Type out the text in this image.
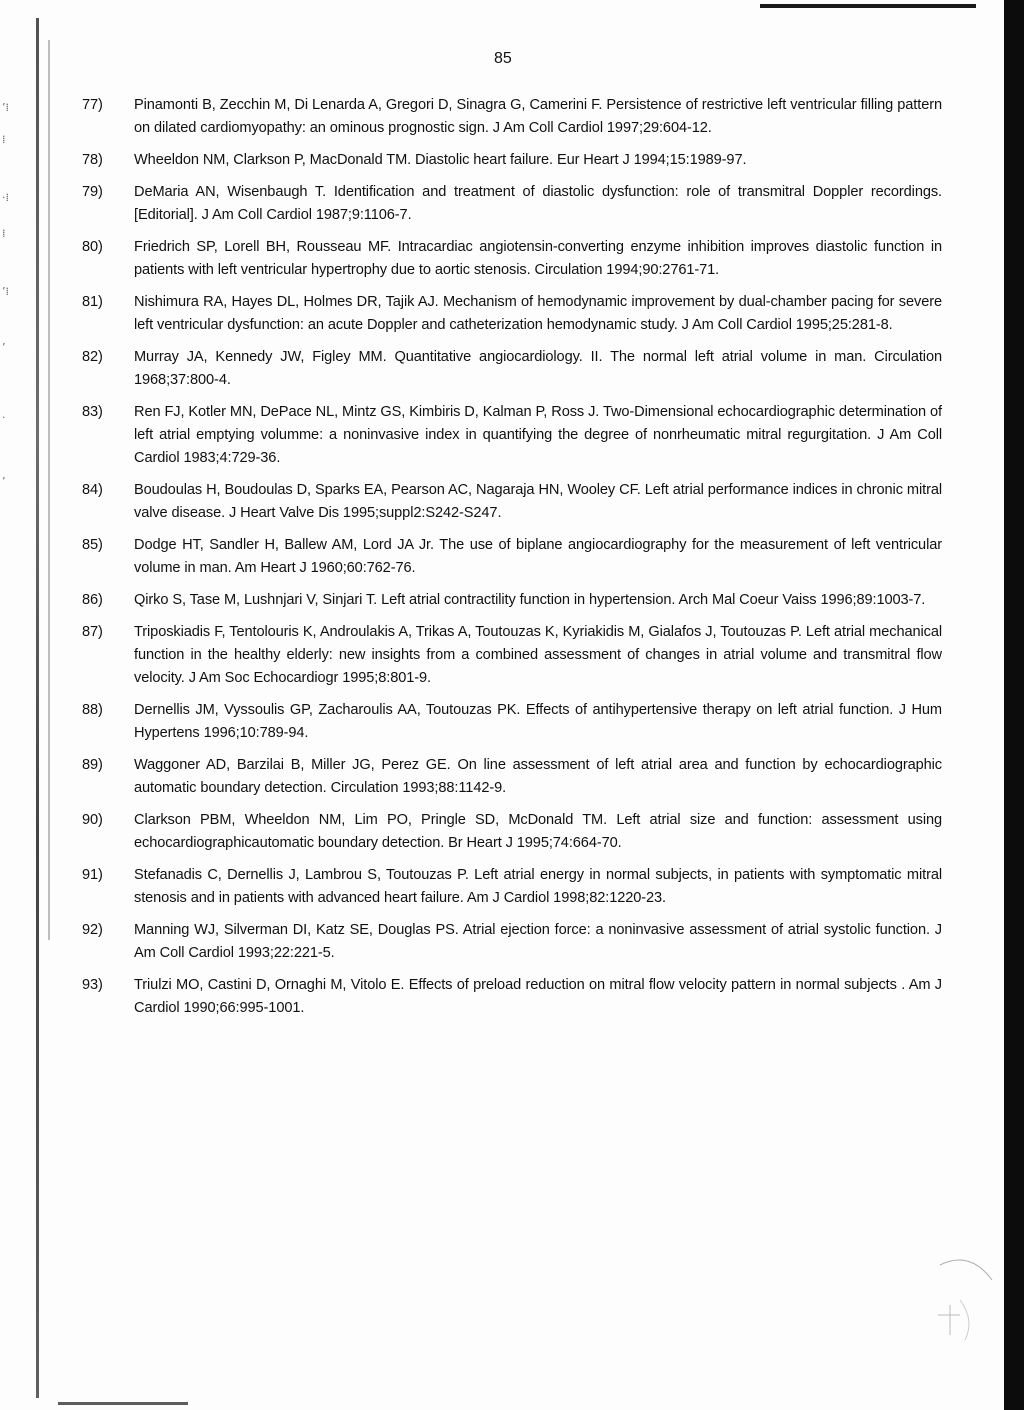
ʼ⁞
⁞
·⁞
⁞
ʼ⁞
ʼ
·
ʼ
85
77)	Pinamonti B, Zecchin M, Di Lenarda A, Gregori D, Sinagra G, Camerini F. Persistence of restrictive left ventricular filling pattern on dilated cardiomyopathy: an ominous prognostic sign. J Am Coll Cardiol 1997;29:604-12.
78)	Wheeldon NM, Clarkson P, MacDonald TM. Diastolic heart failure. Eur Heart J 1994;15:1989-97.
79)	DeMaria AN, Wisenbaugh T. Identification and treatment of diastolic dysfunction: role of transmitral Doppler recordings. [Editorial]. J Am Coll Cardiol 1987;9:1106-7.
80)	Friedrich SP, Lorell BH, Rousseau MF. Intracardiac angiotensin-converting enzyme inhibition improves diastolic function in patients with left ventricular hypertrophy due to aortic stenosis. Circulation 1994;90:2761-71.
81)	Nishimura RA, Hayes DL, Holmes DR, Tajik AJ. Mechanism of hemodynamic improvement by dual-chamber pacing for severe left ventricular dysfunction: an acute Doppler and catheterization hemodynamic study. J Am Coll Cardiol 1995;25:281-8.
82)	Murray JA, Kennedy JW, Figley MM. Quantitative angiocardiology. II. The normal left atrial volume in man. Circulation 1968;37:800-4.
83)	Ren FJ, Kotler MN, DePace NL, Mintz GS, Kimbiris D, Kalman P, Ross J. Two-Dimensional echocardiographic determination of left atrial emptying volumme: a noninvasive index in quantifying the degree of nonrheumatic mitral regurgitation. J Am Coll Cardiol 1983;4:729-36.
84)	Boudoulas H, Boudoulas D, Sparks EA, Pearson AC, Nagaraja HN, Wooley CF. Left atrial performance indices in chronic mitral valve disease. J Heart Valve Dis 1995;suppl2:S242-S247.
85)	Dodge HT, Sandler H, Ballew AM, Lord JA Jr. The use of biplane angiocardiography for the measurement of left ventricular volume in man. Am Heart J 1960;60:762-76.
86)	Qirko S, Tase M, Lushnjari V, Sinjari T. Left atrial contractility function in hypertension. Arch Mal Coeur Vaiss 1996;89:1003-7.
87)	Triposkiadis F, Tentolouris K, Androulakis A, Trikas A, Toutouzas K, Kyriakidis M, Gialafos J, Toutouzas P. Left atrial mechanical function in the healthy elderly: new insights from a combined assessment of changes in atrial volume and transmitral flow velocity. J Am Soc Echocardiogr 1995;8:801-9.
88)	Dernellis JM, Vyssoulis GP, Zacharoulis AA, Toutouzas PK. Effects of antihypertensive therapy on left atrial function. J Hum Hypertens 1996;10:789-94.
89)	Waggoner AD, Barzilai B, Miller JG, Perez GE. On line assessment of left atrial area and function by echocardiographic automatic boundary detection. Circulation 1993;88:1142-9.
90)	Clarkson PBM, Wheeldon NM, Lim PO, Pringle SD, McDonald TM. Left atrial size and function: assessment using echocardiographicautomatic boundary detection. Br Heart J 1995;74:664-70.
91)	Stefanadis C, Dernellis J, Lambrou S, Toutouzas P. Left atrial energy in normal subjects, in patients with symptomatic mitral stenosis and in patients with advanced heart failure. Am J Cardiol 1998;82:1220-23.
92)	Manning WJ, Silverman DI, Katz SE, Douglas PS. Atrial ejection force: a noninvasive assessment of atrial systolic function. J Am Coll Cardiol 1993;22:221-5.
93)	Triulzi MO, Castini D, Ornaghi M, Vitolo E. Effects of preload reduction on mitral flow velocity pattern in normal subjects . Am J Cardiol 1990;66:995-1001.
